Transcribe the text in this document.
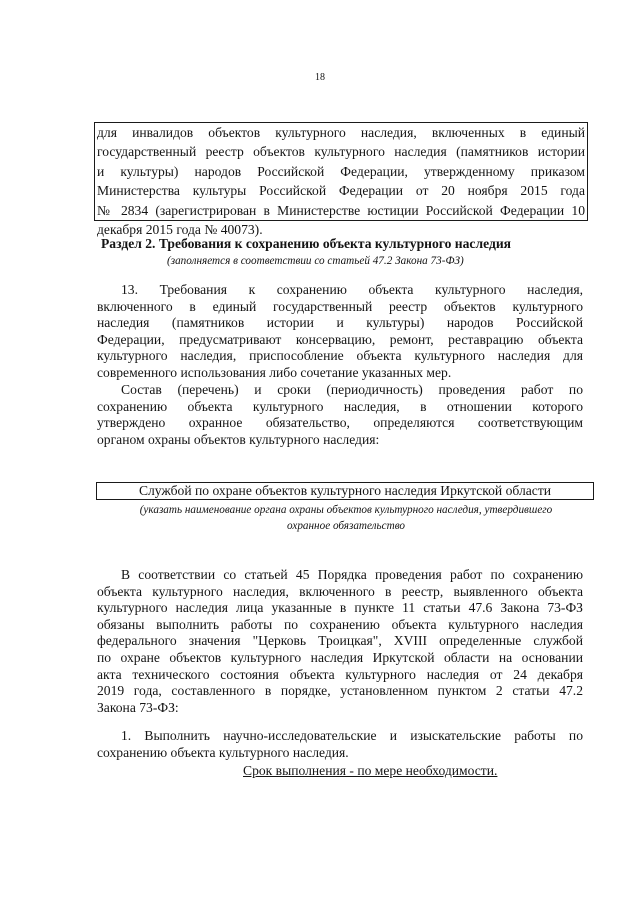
18
для инвалидов объектов культурного наследия, включенных в единый
государственный реестр объектов культурного наследия (памятников истории
и культуры) народов Российской Федерации, утвержденному приказом
Министерства культуры Российской Федерации от 20 ноября 2015 года
№ 2834 (зарегистрирован в Министерстве юстиции Российской Федерации 10
декабря 2015 года № 40073).
Раздел 2. Требования к сохранению объекта культурного наследия
(заполняется в соответствии со статьей 47.2 Закона 73-ФЗ)
13. Требования к сохранению объекта культурного наследия,
включенного в единый государственный реестр объектов культурного
наследия (памятников истории и культуры) народов Российской
Федерации, предусматривают консервацию, ремонт, реставрацию объекта
культурного наследия, приспособление объекта культурного наследия для
современного использования либо сочетание указанных мер.
Состав (перечень) и сроки (периодичность) проведения работ по
сохранению объекта культурного наследия, в отношении которого
утверждено охранное обязательство, определяются соответствующим
органом охраны объектов культурного наследия:
Службой по охране объектов культурного наследия Иркутской области
(указать наименование органа охраны объектов культурного наследия, утвердившего
охранное обязательство
В соответствии со статьей 45 Порядка проведения работ по сохранению
объекта культурного наследия, включенного в реестр, выявленного объекта
культурного наследия лица указанные в пункте 11 статьи 47.6 Закона 73-ФЗ
обязаны выполнить работы по сохранению объекта культурного наследия
федерального значения "Церковь Троицкая", XVIII определенные службой
по охране объектов культурного наследия Иркутской области на основании
акта технического состояния объекта культурного наследия от 24 декабря
2019 года, составленного в порядке, установленном пунктом 2 статьи 47.2
Закона 73-ФЗ:
1. Выполнить научно-исследовательские и изыскательские работы по
сохранению объекта культурного наследия.
Срок выполнения - по мере необходимости.
